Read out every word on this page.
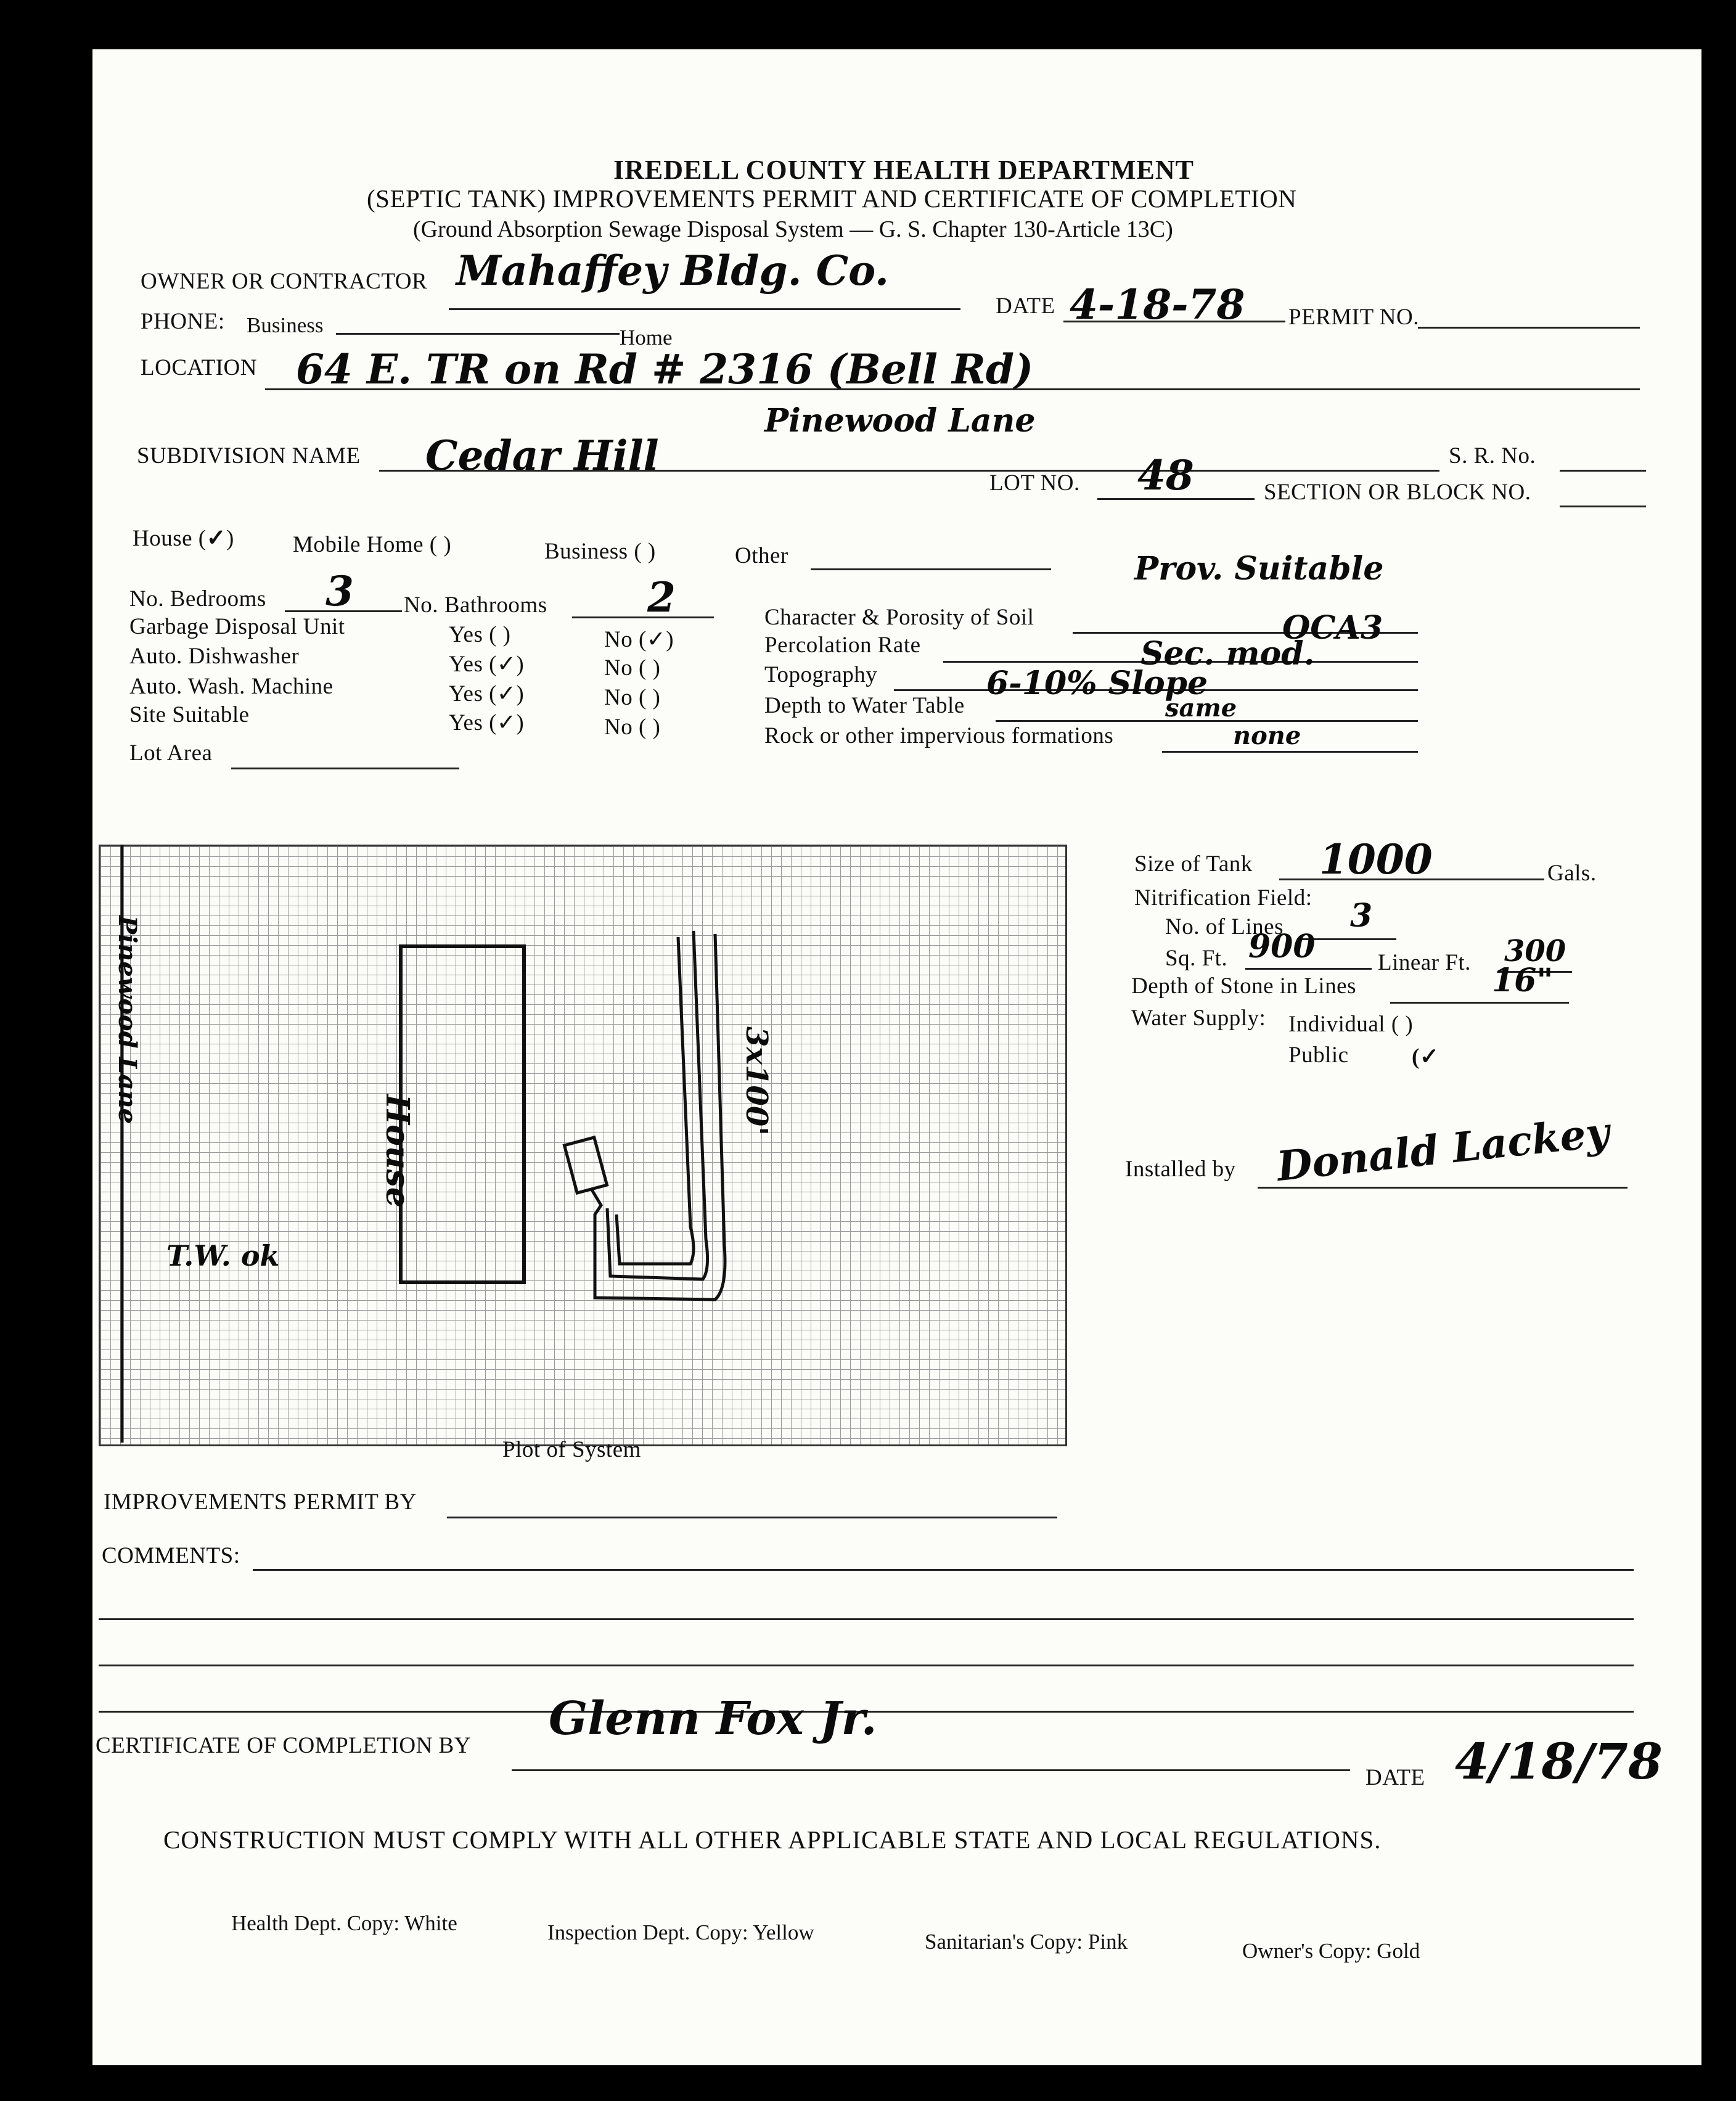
IREDELL COUNTY HEALTH DEPARTMENT
(SEPTIC TANK) IMPROVEMENTS PERMIT AND CERTIFICATE OF COMPLETION
(Ground Absorption Sewage Disposal System — G. S. Chapter 130-Article 13C)
OWNER OR CONTRACTOR Mahaffey Bldg. Co.
DATE 4-18-78 PERMIT NO.
PHONE: Business
Home
LOCATION 64 E. TR on Rd # 2316 (Bell Rd)
Pinewood Lane
SUBDIVISION NAME Cedar Hill	S. R. No.
LOT NO. 48	SECTION OR BLOCK NO.
House (✓)	Mobile Home ( )	Business ( )	Other	Prov. Suitable
No. Bedrooms 3 No. Bathrooms 2
Garbage Disposal Unit	Yes ( )	No (✓)
Auto. Dishwasher	Yes (✓)	No ( )
Auto. Wash. Machine	Yes (✓)	No ( )
Site Suitable	Yes (✓)	No ( )
Lot Area
Character & Porosity of Soil	OCA3
Percolation Rate	Sec. mod.
Topography	6-10% Slope
Depth to Water Table	same
Rock or other impervious formations	none
House
3x100'
Pinewood Lane
T.W. ok
Plot of System
Size of Tank 1000	Gals.
Nitrification Field:
No. of Lines 3
Sq. Ft. 900	Linear Ft. 300
Depth of Stone in Lines	16"
Water Supply: Individual ( )
Public	(✓
Installed by Donald Lackey
IMPROVEMENTS PERMIT BY
COMMENTS:
CERTIFICATE OF COMPLETION BY
Glenn Fox Jr.
DATE 4/18/78
CONSTRUCTION MUST COMPLY WITH ALL OTHER APPLICABLE STATE AND LOCAL REGULATIONS.
Health Dept. Copy: White	Inspection Dept. Copy: Yellow	Sanitarian's Copy: Pink	Owner's Copy: Gold
